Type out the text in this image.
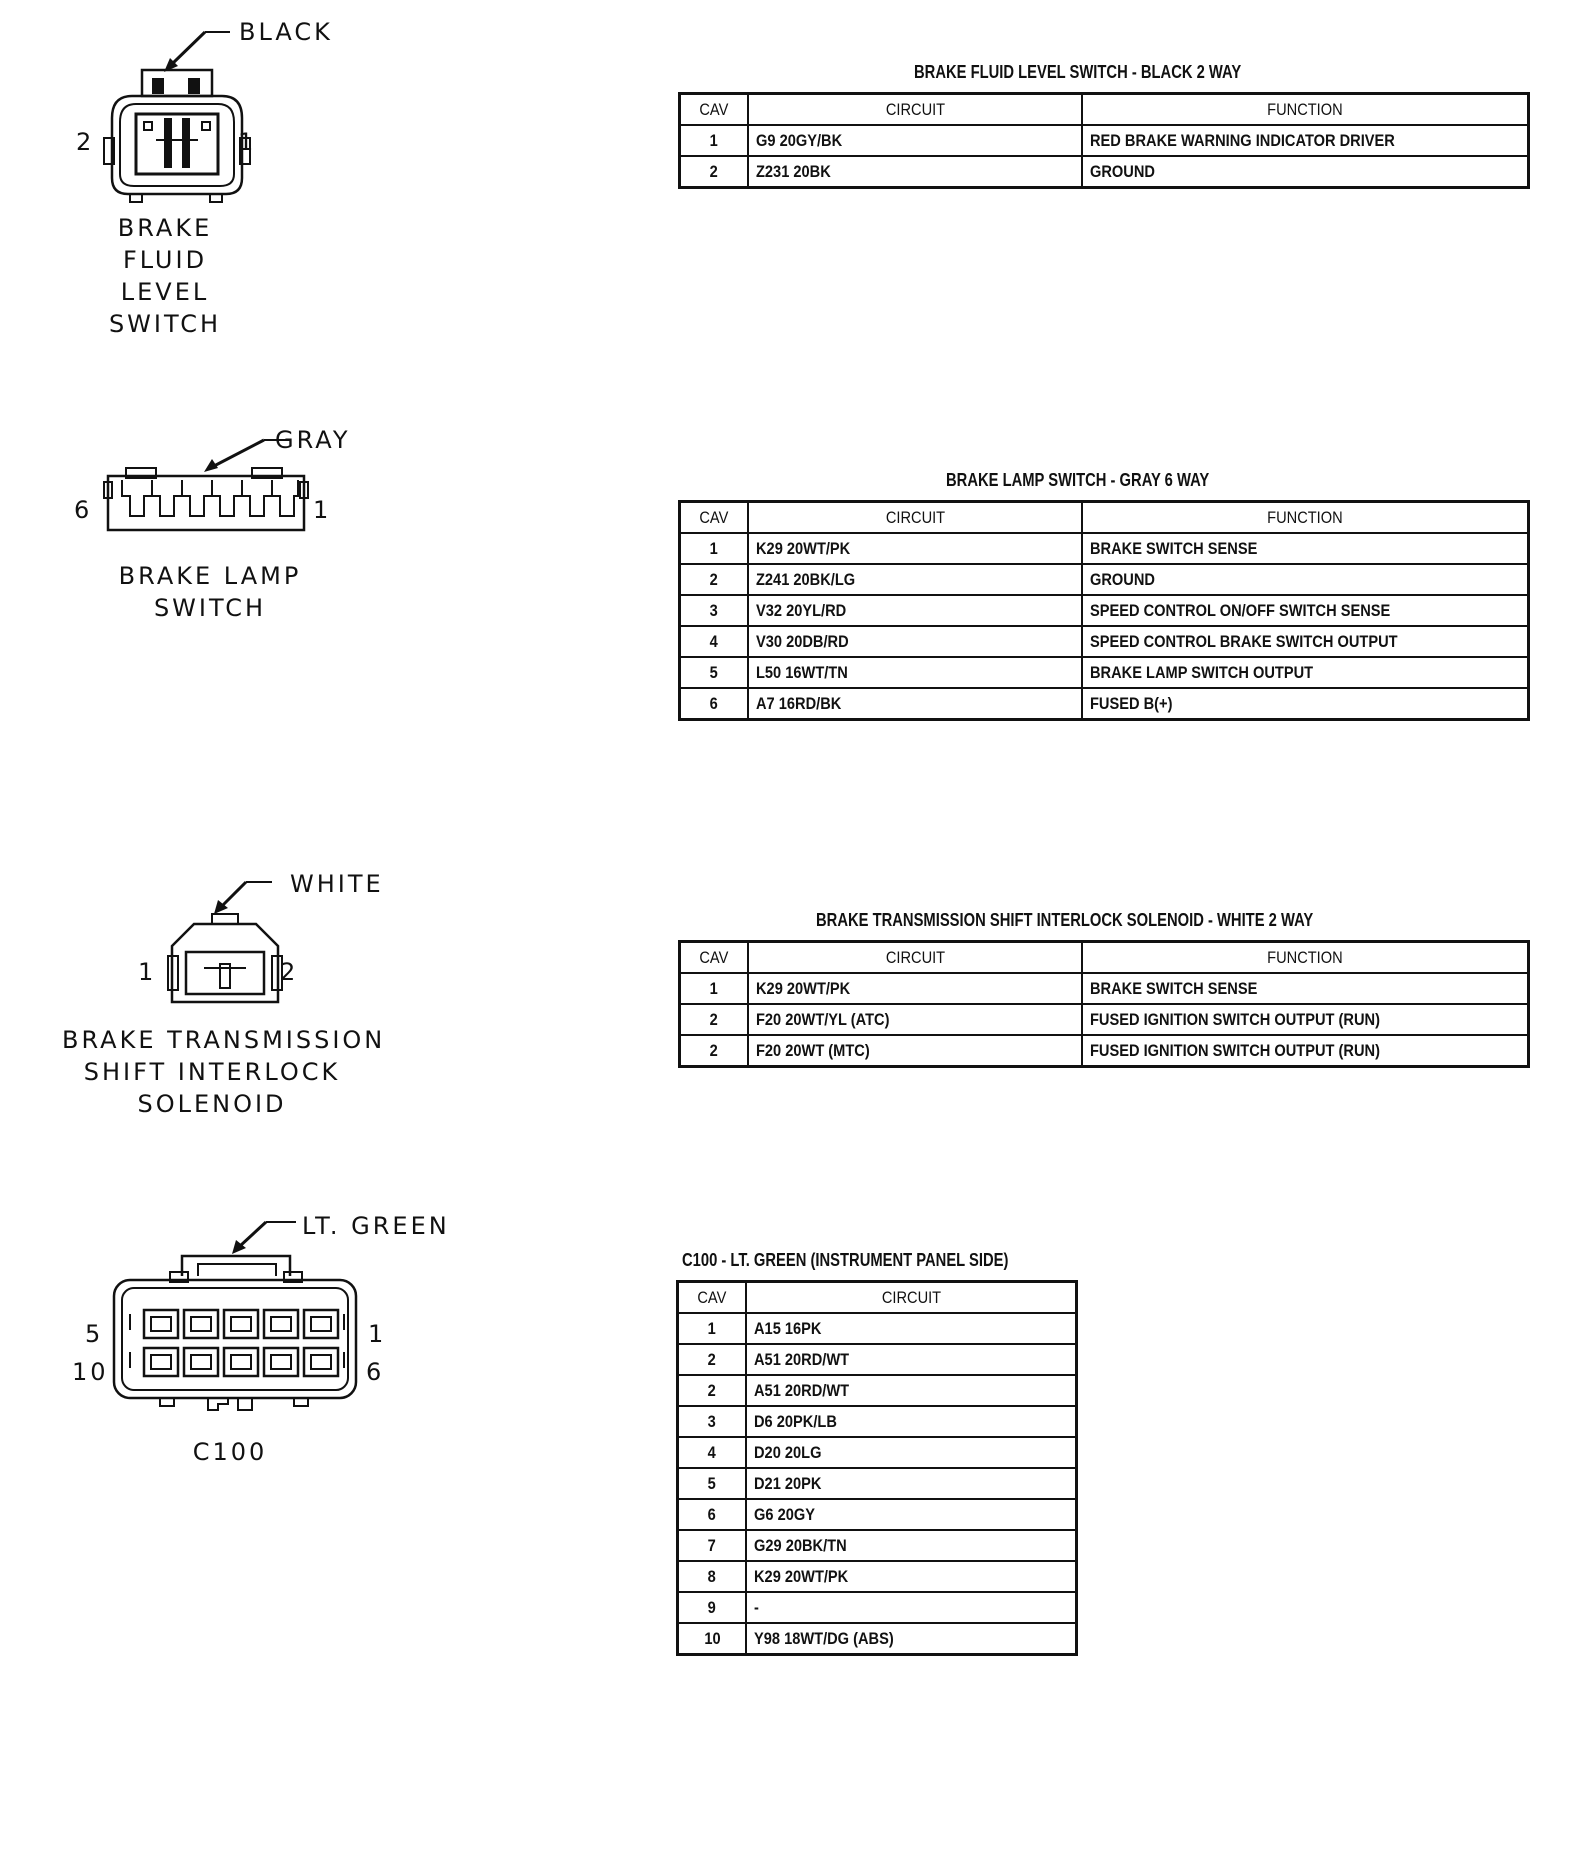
BLACK
2	1
BRAKE
FLUID
LEVEL
SWITCH
BRAKE FLUID LEVEL SWITCH - BLACK 2 WAY
CAV	CIRCUIT	FUNCTION
1	G9 20GY/BK	RED BRAKE WARNING INDICATOR DRIVER
2	Z231 20BK	GROUND
GRAY
6	1
BRAKE LAMP
SWITCH
BRAKE LAMP SWITCH - GRAY 6 WAY
CAV	CIRCUIT	FUNCTION
1	K29 20WT/PK	BRAKE SWITCH SENSE
2	Z241 20BK/LG	GROUND
3	V32 20YL/RD	SPEED CONTROL ON/OFF SWITCH SENSE
4	V30 20DB/RD	SPEED CONTROL BRAKE SWITCH OUTPUT
5	L50 16WT/TN	BRAKE LAMP SWITCH OUTPUT
6	A7 16RD/BK	FUSED B(+)
WHITE
1	2
BRAKE TRANSMISSION
SHIFT INTERLOCK
SOLENOID
BRAKE TRANSMISSION SHIFT INTERLOCK SOLENOID - WHITE 2 WAY
CAV	CIRCUIT	FUNCTION
1	K29 20WT/PK	BRAKE SWITCH SENSE
2	F20 20WT/YL (ATC)	FUSED IGNITION SWITCH OUTPUT (RUN)
2	F20 20WT (MTC)	FUSED IGNITION SWITCH OUTPUT (RUN)
LT. GREEN
5
10
1
6
C100
C100 - LT. GREEN (INSTRUMENT PANEL SIDE)
CAV	CIRCUIT
1	A15 16PK
2	A51 20RD/WT
2	A51 20RD/WT
3	D6 20PK/LB
4	D20 20LG
5	D21 20PK
6	G6 20GY
7	G29 20BK/TN
8	K29 20WT/PK
9	-
10	Y98 18WT/DG (ABS)
